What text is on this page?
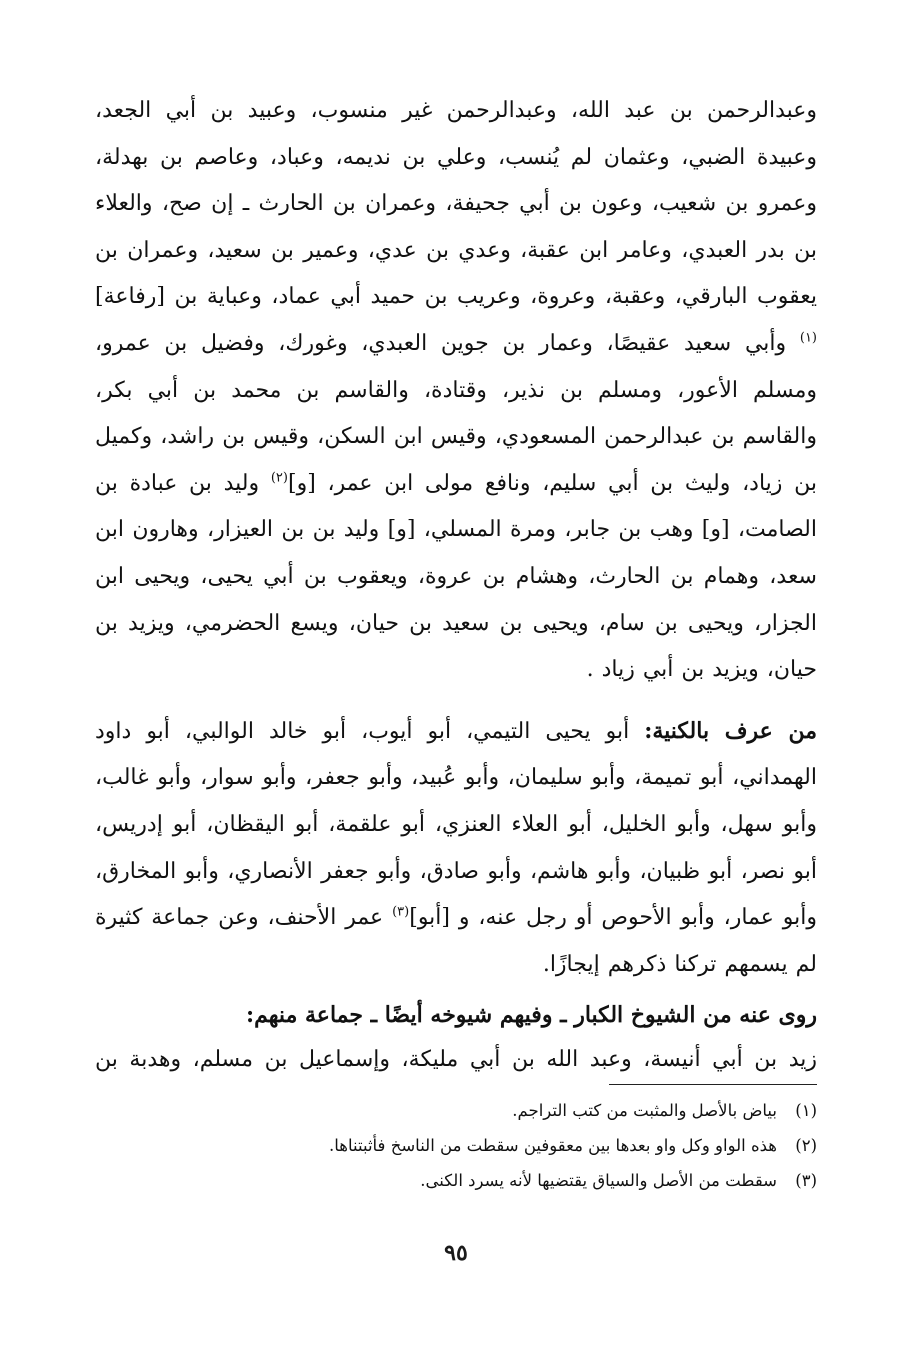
وعبدالرحمن بن عبد الله، وعبدالرحمن غير منسوب، وعبيد بن أبي الجعد، وعبيدة الضبي، وعثمان لم يُنسب، وعلي بن نديمه، وعباد، وعاصم بن بهدلة، وعمرو بن شعيب، وعون بن أبي جحيفة، وعمران بن الحارث ـ إن صح، والعلاء بن بدر العبدي، وعامر ابن عقبة، وعدي بن عدي، وعمير بن سعيد، وعمران بن يعقوب البارقي، وعقبة، وعروة، وعريب بن حميد أبي عماد، وعباية بن [رفاعة]$^{(١)}$ وأبي سعيد عقيصًا، وعمار بن جوين العبدي، وغورك، وفضيل بن عمرو، ومسلم الأعور، ومسلم بن نذير، وقتادة، والقاسم بن محمد بن أبي بكر، والقاسم بن عبدالرحمن المسعودي، وقيس ابن السكن، وقيس بن راشد، وكميل بن زياد، وليث بن أبي سليم، ونافع مولى ابن عمر، [و]$^{(٢)}$ وليد بن عبادة بن الصامت، [و] وهب بن جابر، ومرة المسلي، [و] وليد بن بن العيزار، وهارون ابن سعد، وهمام بن الحارث، وهشام بن عروة، ويعقوب بن أبي يحيى، ويحيى ابن الجزار، ويحيى بن سام، ويحيى بن سعيد بن حيان، ويسع الحضرمي، ويزيد بن حيان، ويزيد بن أبي زياد .

من عرف بالكنية: أبو يحيى التيمي، أبو أيوب، أبو خالد الوالبي، أبو داود الهمداني، أبو تميمة، وأبو سليمان، وأبو عُبيد، وأبو جعفر، وأبو سوار، وأبو غالب، وأبو سهل، وأبو الخليل، أبو العلاء العنزي، أبو علقمة، أبو اليقظان، أبو إدريس، أبو نصر، أبو ظبيان، وأبو هاشم، وأبو صادق، وأبو جعفر الأنصاري، وأبو المخارق، وأبو عمار، وأبو الأحوص أو رجل عنه، و [أبو]$^{(٣)}$ عمر الأحنف، وعن جماعة كثيرة لم يسمهم تركنا ذكرهم إيجازًا.

روى عنه من الشيوخ الكبار ـ وفيهم شيوخه أيضًا ـ جماعة منهم:

زيد بن أبي أنيسة، وعبد الله بن أبي مليكة، وإسماعيل بن مسلم، وهدبة بن

(١)بياض بالأصل والمثبت من كتب التراجم.
(٢)هذه الواو وكل واو بعدها بين معقوفين سقطت من الناسخ فأثبتناها.
(٣)سقطت من الأصل والسياق يقتضيها لأنه يسرد الكنى.
٩٥
